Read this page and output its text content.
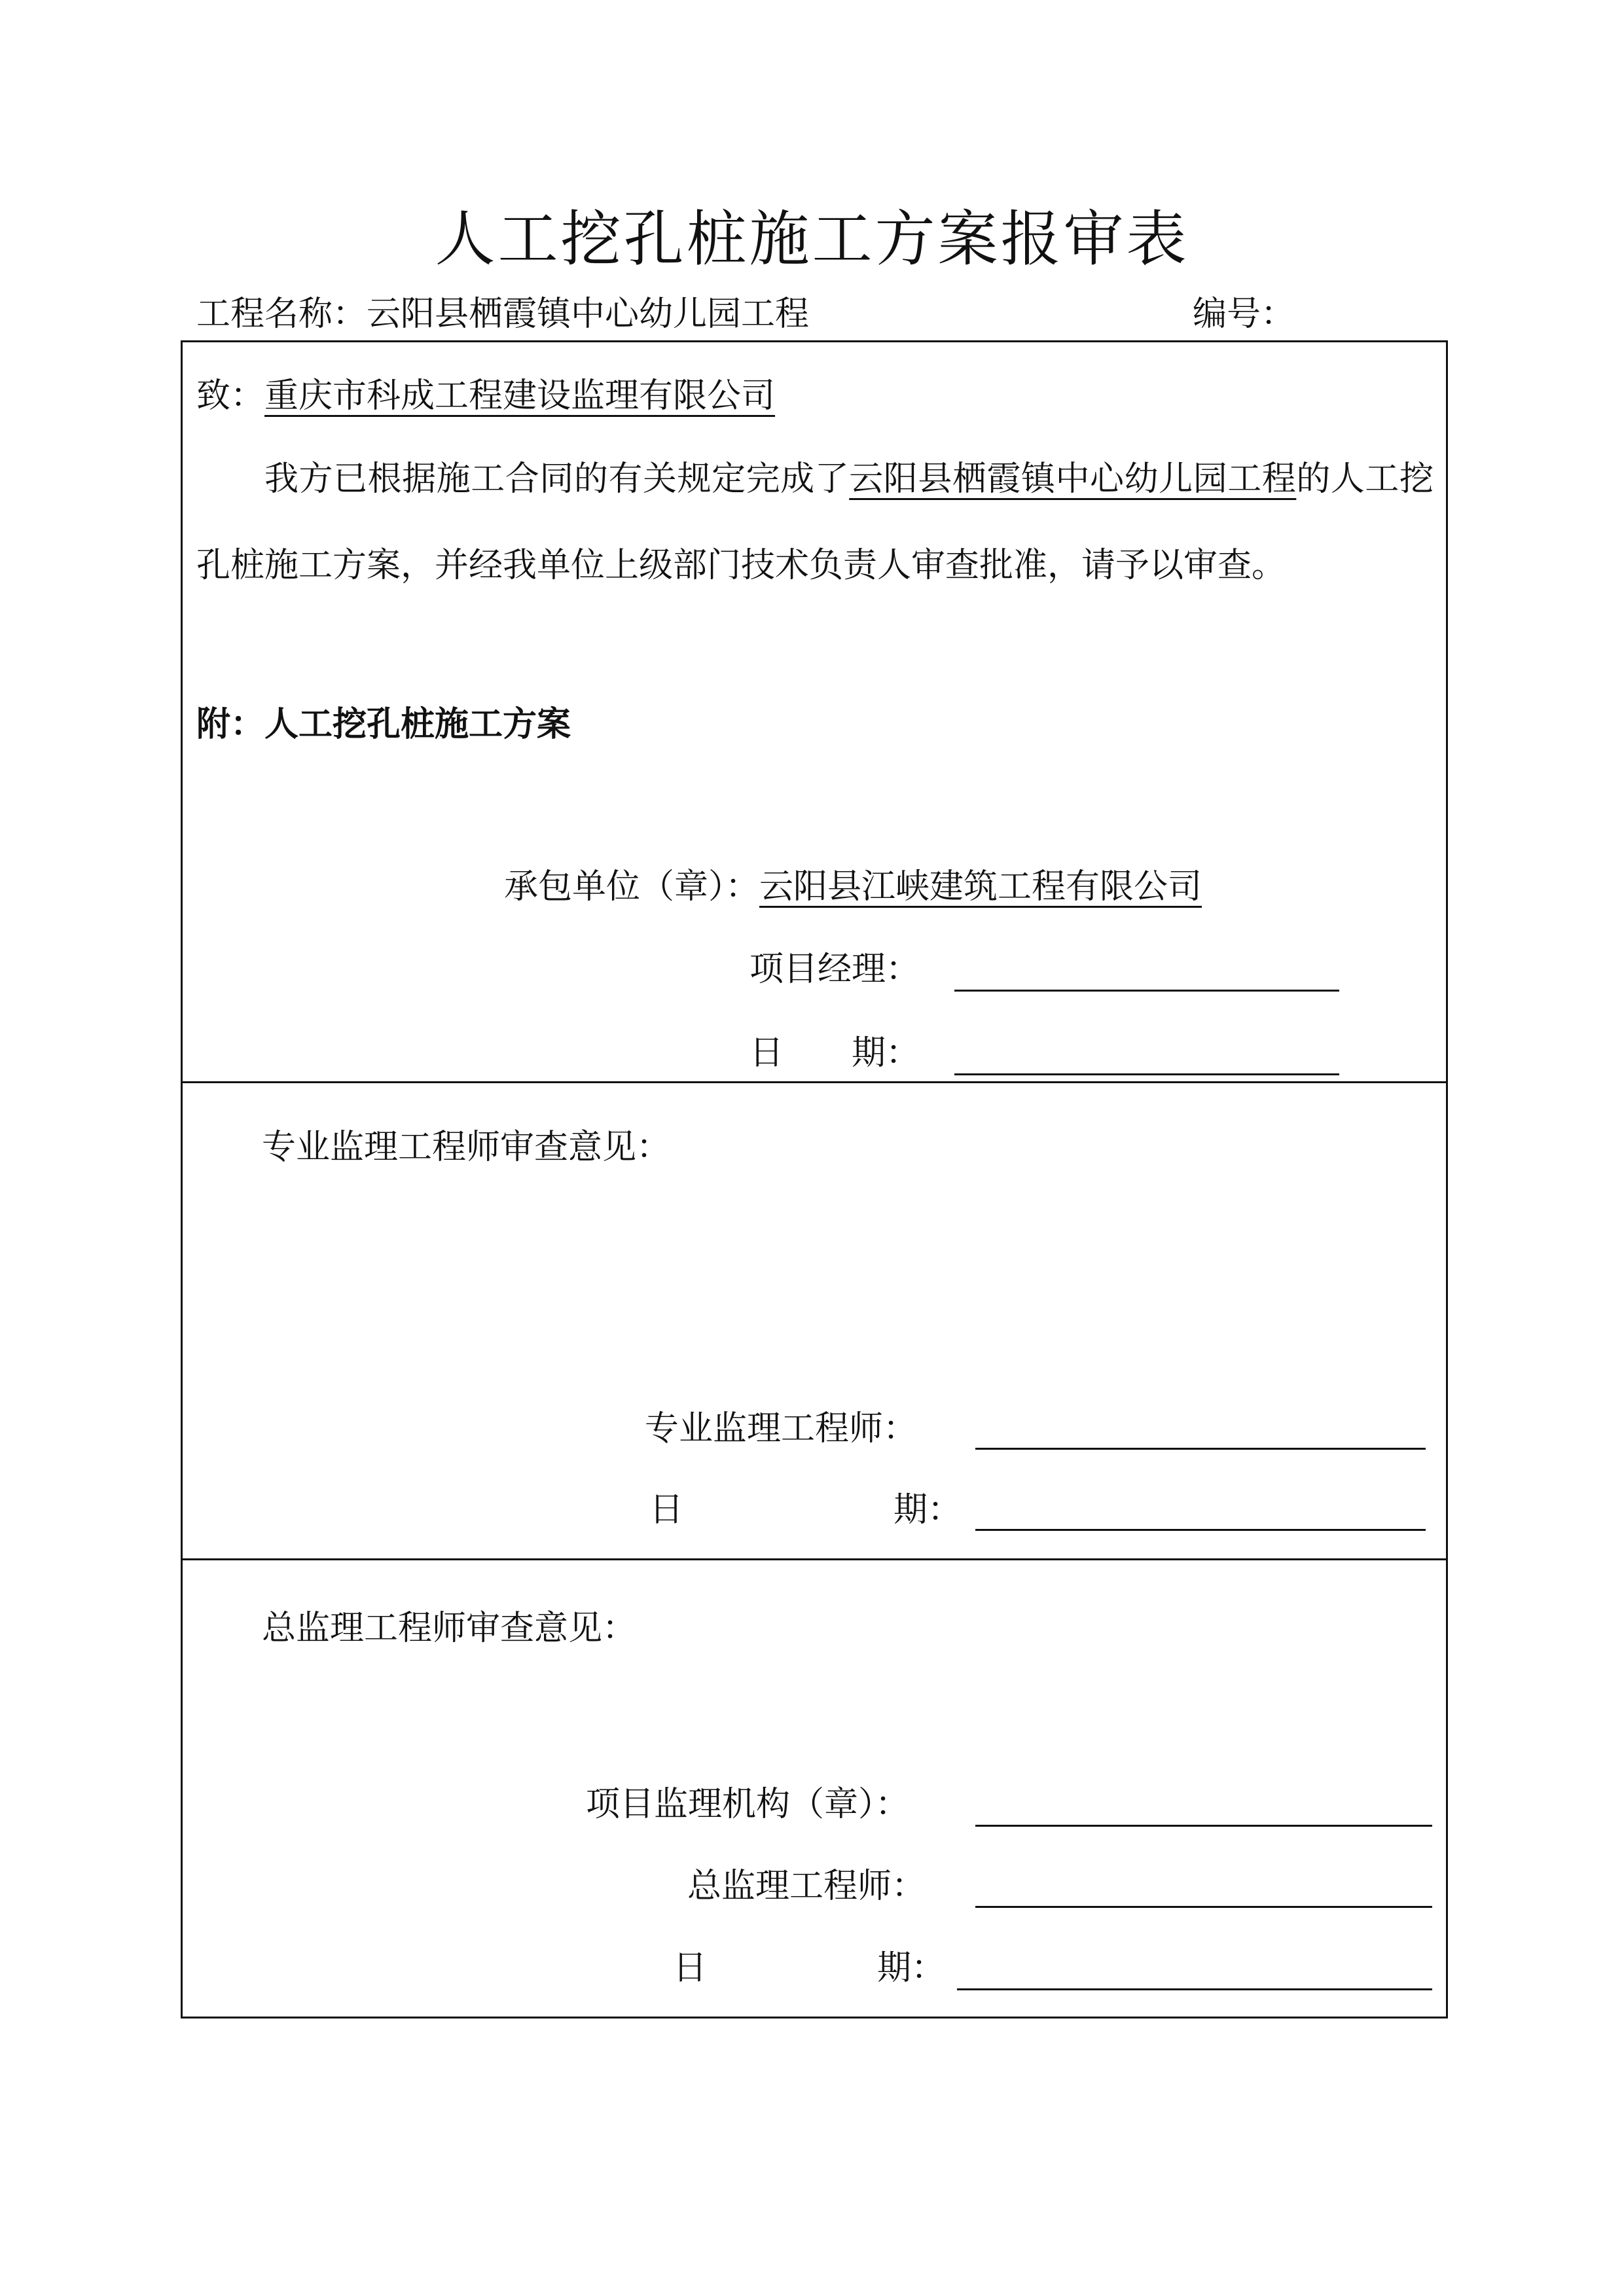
人工挖孔桩施工方案报审表
工程名称：云阳县栖霞镇中心幼儿园工程	编号：
致：重庆市科成工程建设监理有限公司
我方已根据施工合同的有关规定完成了云阳县栖霞镇中心幼儿园工程的人工挖孔桩施工方案，并经我单位上级部门技术负责人审查批准，请予以审查。
附：人工挖孔桩施工方案
承包单位（章）：云阳县江峡建筑工程有限公司
项目经理：
日　　期：
专业监理工程师审查意见：
专业监理工程师：
日	期：
总监理工程师审查意见：
项目监理机构（章）：
总监理工程师：
日	期：
